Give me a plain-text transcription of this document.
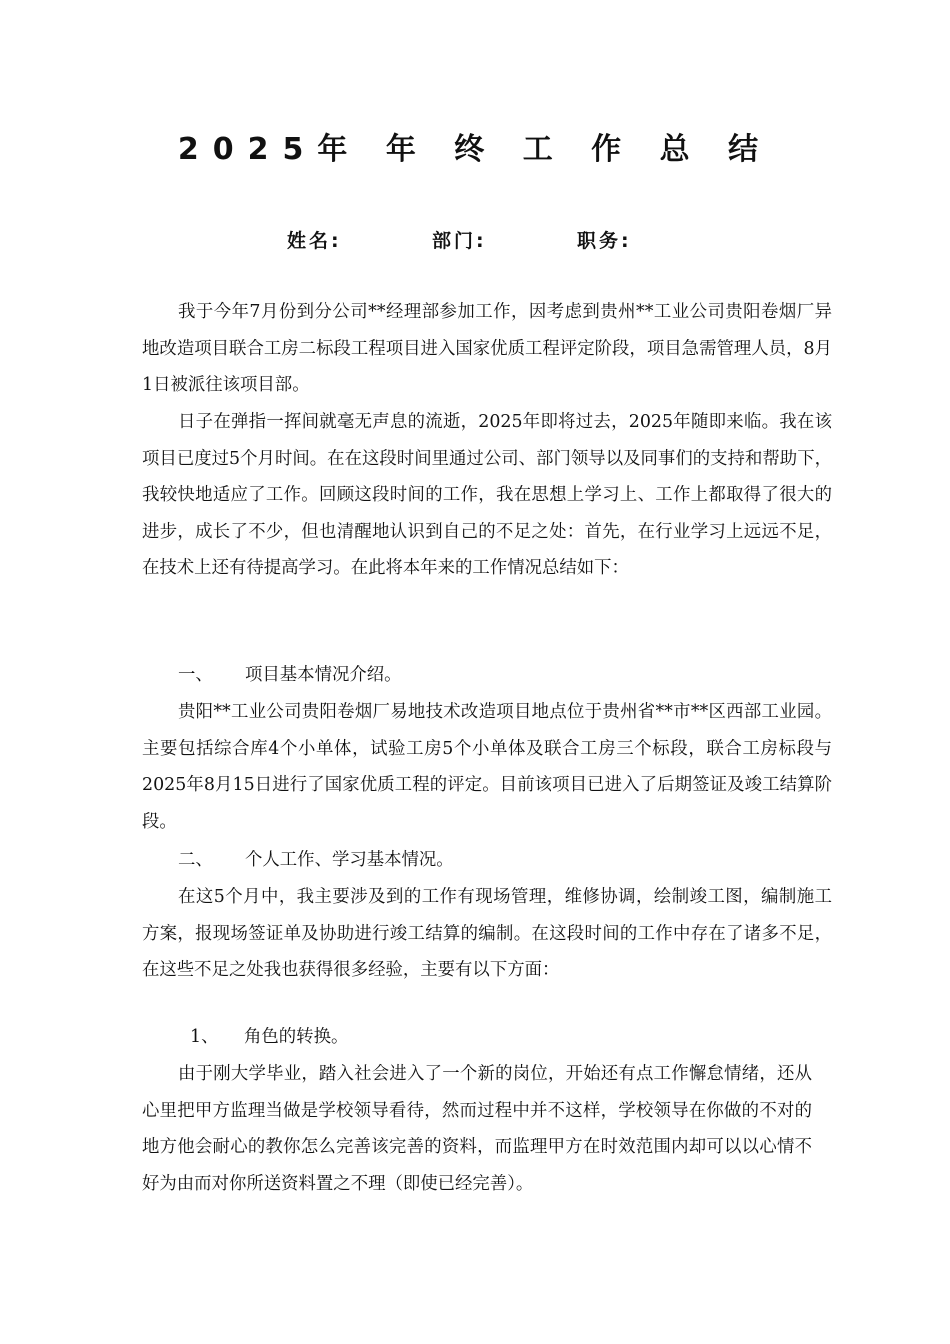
2025年 年 终 工 作 总 结
姓名:	部门:	职务:

我于今年7月份到分公司**经理部参加工作，因考虑到贵州**工业公司贵阳卷烟厂异地改造项目联合工房二标段工程项目进入国家优质工程评定阶段，项目急需管理人员，8月1日被派往该项目部。

日子在弹指一挥间就毫无声息的流逝，2025年即将过去，2025年随即来临。我在该项目已度过5个月时间。在在这段时间里通过公司、部门领导以及同事们的支持和帮助下，我较快地适应了工作。回顾这段时间的工作，我在思想上学习上、工作上都取得了很大的进步，成长了不少，但也清醒地认识到自己的不足之处：首先，在行业学习上远远不足，在技术上还有待提高学习。在此将本年来的工作情况总结如下：

一、 项目基本情况介绍。

贵阳**工业公司贵阳卷烟厂易地技术改造项目地点位于贵州省**市**区西部工业园。主要包括综合库4个小单体，试验工房5个小单体及联合工房三个标段，联合工房标段与2025年8月15日进行了国家优质工程的评定。目前该项目已进入了后期签证及竣工结算阶段。

二、 个人工作、学习基本情况。

在这5个月中，我主要涉及到的工作有现场管理，维修协调，绘制竣工图，编制施工方案，报现场签证单及协助进行竣工结算的编制。在这段时间的工作中存在了诸多不足，在这些不足之处我也获得很多经验，主要有以下方面：

1、 角色的转换。

由于刚大学毕业，踏入社会进入了一个新的岗位，开始还有点工作懈怠情绪，还从心里把甲方监理当做是学校领导看待，然而过程中并不这样，学校领导在你做的不对的地方他会耐心的教你怎么完善该完善的资料，而监理甲方在时效范围内却可以以心情不好为由而对你所送资料置之不理（即使已经完善）。
